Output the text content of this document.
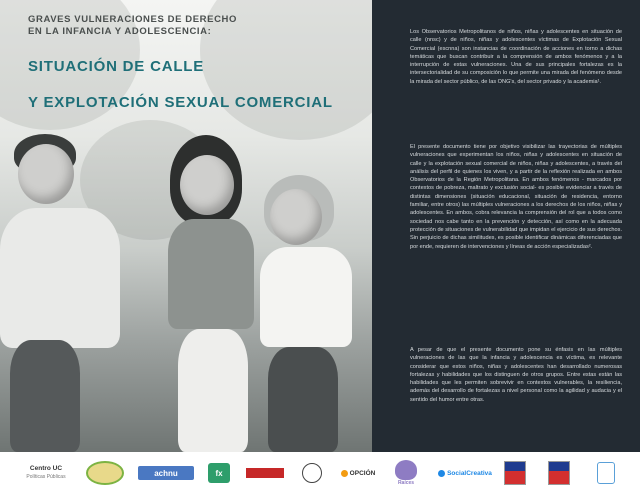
GRAVES VULNERACIONES DE DERECHO
EN LA INFANCIA Y ADOLESCENCIA:
SITUACIÓN DE CALLE
Y EXPLOTACIÓN SEXUAL COMERCIAL
Los Observatorios Metropolitanos de niños, niñas y adolescentes en situación de calle (nnsc) y de niños, niñas y adolescentes víctimas de Explotación Sexual Comercial (escnna) son instancias de coordinación de acciones en torno a dichas temáticas que buscan contribuir a la comprensión de ambos fenómenos y a la interrupción de estas vulneraciones. Una de sus principales fortalezas es la intersectorialidad de su composición lo que permite una mirada del fenómeno desde la mirada del sector público, de las ONG's, del sector privado y la academia¹.
El presente documento tiene por objetivo visibilizar las trayectorias de múltiples vulneraciones que experimentan los niños, niñas y adolescentes en situación de calle y la explotación sexual comercial de niños, niñas y adolescentes, a través del análisis del perfil de quienes los viven, y a partir de la reflexión realizada en ambos Observatorios de la Región Metropolitana. En ambos fenómenos - marcados por contextos de pobreza, maltrato y exclusión social- es posible evidenciar a través de distintas dimensiones (situación educacional, situación de residencia, entorno familiar, entre otros) las múltiples vulneraciones a los derechos de los niños, niñas y adolescentes. En ambos, cobra relevancia la comprensión del rol que a todos como sociedad nos cabe tanto en la prevención y detección, así como en la adecuada protección de situaciones de vulnerabilidad que impidan el ejercicio de sus derechos. Sin perjuicio de dichas similitudes, es posible identificar dinámicas diferenciadas que por ende, requieren de intervenciones y líneas de acción especializadas².
A pesar de que el presente documento pone su énfasis en las múltiples vulneraciones de las que la infancia y adolescencia es víctima, es relevante considerar que estos niños, niñas y adolescentes han desarrollado numerosas fortalezas y habilidades que los distinguen de otros grupos. Entre estas están las habilidades que les permiten sobrevivir en contextos vulnerables, la resiliencia, además del desarrollo de fortalezas a nivel personal como la agilidad y audacia y el sentido del humor entre otras.
Centro UC
Políticas Públicas	achnu	fx	OPCIÓN
Raíces
SocialCreativa
